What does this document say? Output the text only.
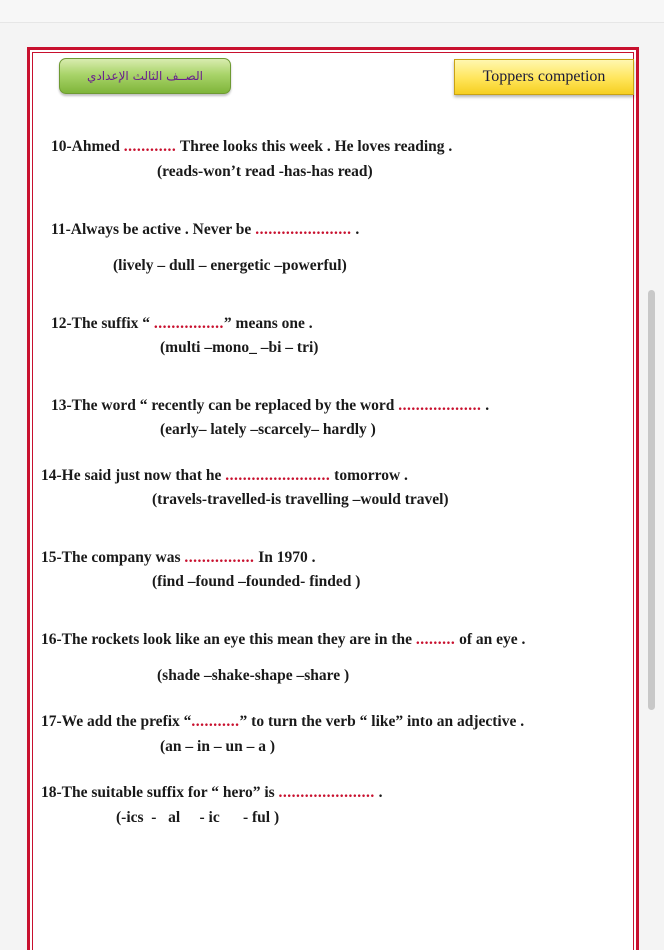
الصــف الثالث الإعدادي	Toppers competion
10-Ahmed ............ Three looks this week . He loves reading .
(reads-won’t read -has-has read)
11-Always be active . Never be ...................... .
(lively – dull – energetic –powerful)
12-The suffix “ ................” means one .
(multi –mono_ –bi – tri)
13-The word “ recently can be replaced by the word ................... .
(early– lately –scarcely– hardly )
14-He said just now that he ........................ tomorrow .
(travels-travelled-is travelling –would travel)
15-The company was ................ In 1970 .
(find –found –founded- finded )
16-The rockets look like an eye this mean they are in the ......... of an eye .
(shade –shake-shape –share )
17-We add the prefix “...........” to turn the verb “ like” into an adjective .
(an – in – un – a )
18-The suitable suffix for “ hero” is ...................... .
(-ics  -   al     - ic      - ful )
